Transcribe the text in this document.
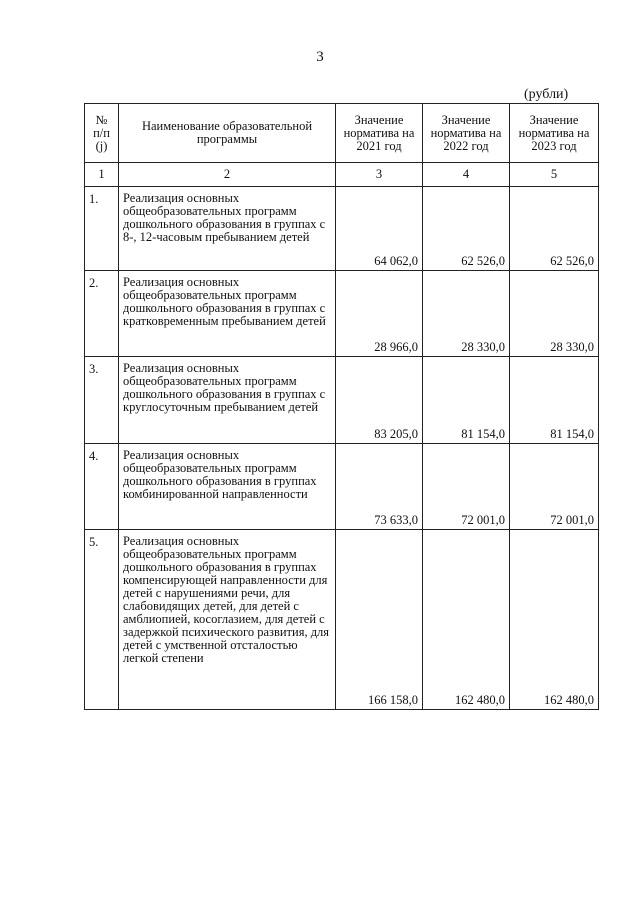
3
(рубли)
№ п/п (j)	Наименование образовательной программы	Значение норматива на 2021 год	Значение норматива на 2022 год	Значение норматива на 2023 год
1	2	3	4	5
1.	Реализация основных общеобразовательных программ дошкольного образования в группах с 8-, 12-часовым пребыванием детей	64 062,0	62 526,0	62 526,0
2.	Реализация основных общеобразовательных программ дошкольного образования в группах с кратковременным пребыванием детей	28 966,0	28 330,0	28 330,0
3.	Реализация основных общеобразовательных программ дошкольного образования в группах с круглосуточным пребыванием детей	83 205,0	81 154,0	81 154,0
4.	Реализация основных общеобразовательных программ дошкольного образования в группах комбинированной направленности	73 633,0	72 001,0	72 001,0
5.	Реализация основных общеобразовательных программ дошкольного образования в группах компенсирующей направленности для детей с нарушениями речи, для слабовидящих детей, для детей с амблиопией, косоглазием, для детей с задержкой психического развития, для детей с умственной отсталостью легкой степени	166 158,0	162 480,0	162 480,0
